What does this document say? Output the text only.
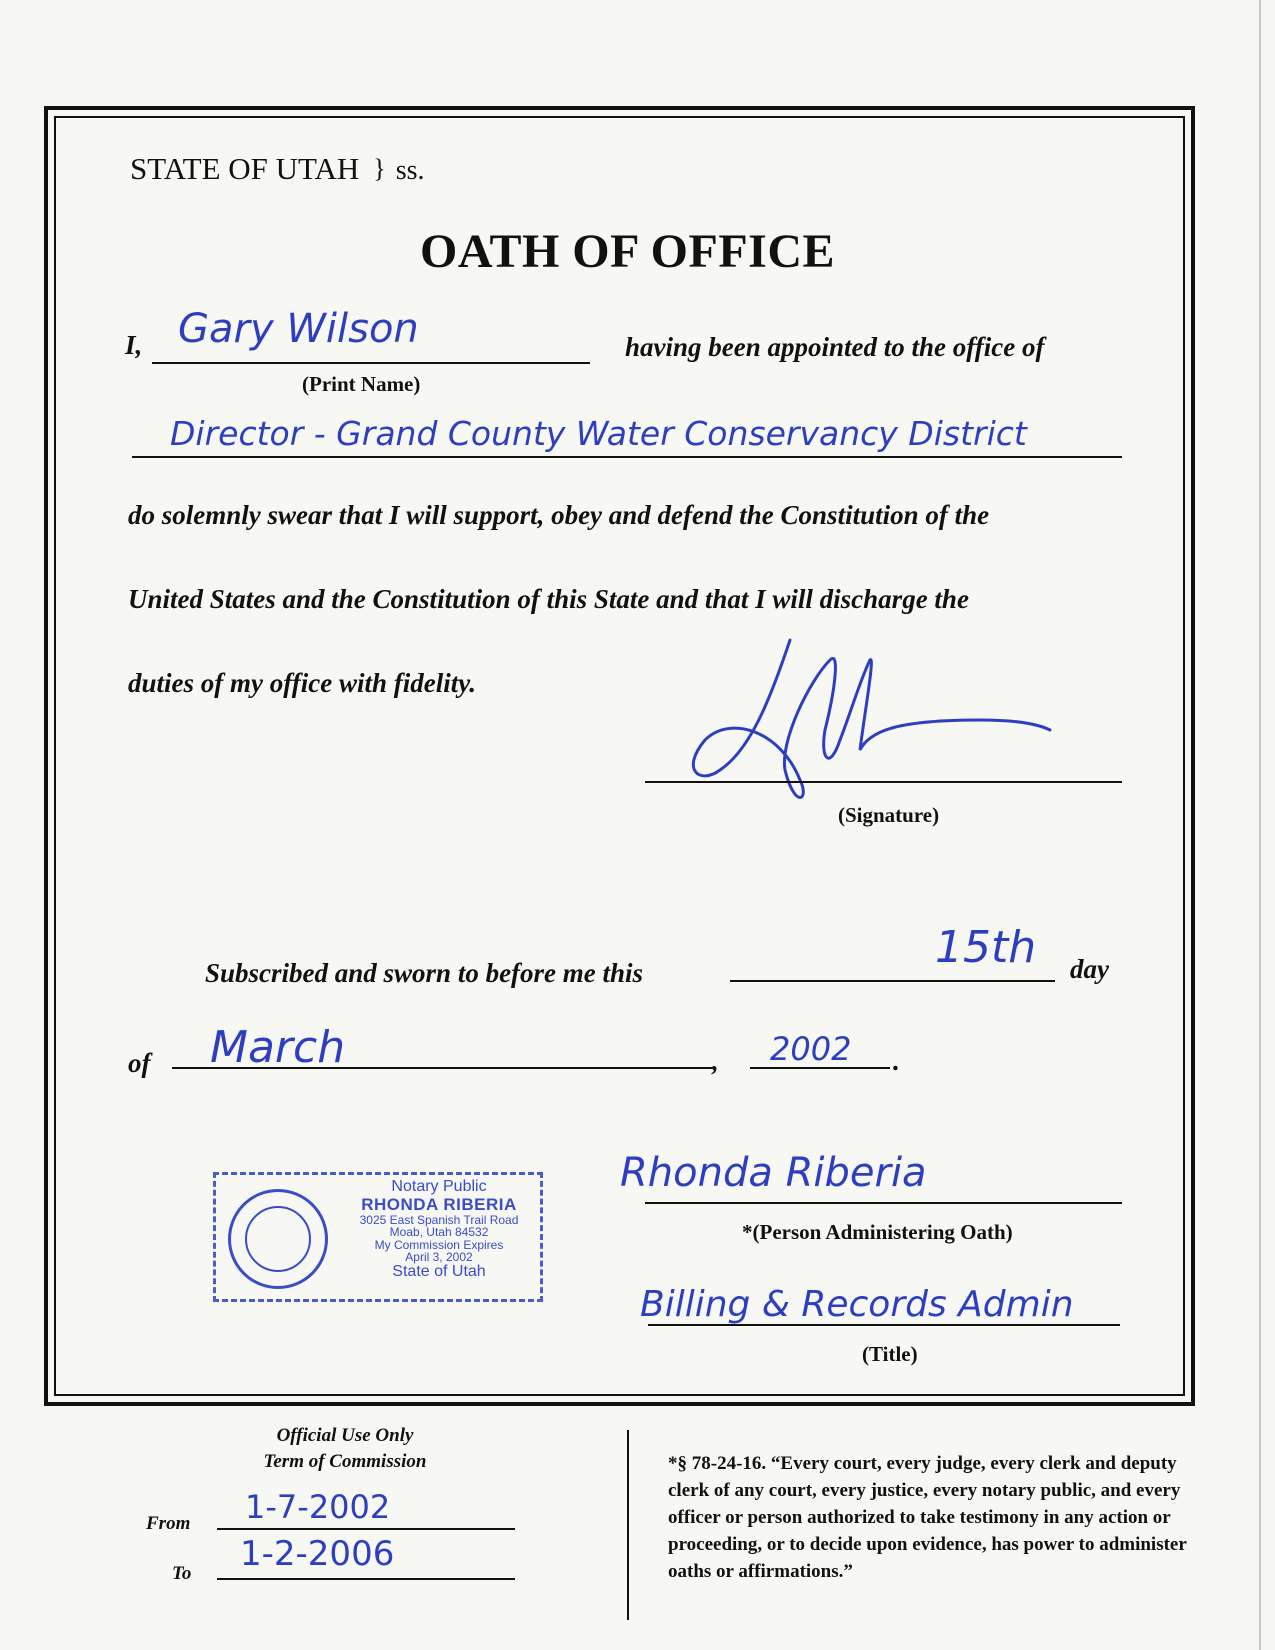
STATE OF UTAH } ss.
OATH OF OFFICE
I, Gary Wilson
(Print Name)
having been appointed to the office of
Director - Grand County Water Conservancy District
do solemnly swear that I will support, obey and defend the Constitution of the
United States and the Constitution of this State and that I will discharge the
duties of my office with fidelity.
(Signature)
Subscribed and sworn to before me this	15th day
of March	, 2002 .
Notary Public
RHONDA RIBERIA
3025 East Spanish Trail Road
Moab, Utah 84532
My Commission Expires
April 3, 2002
State of Utah
Rhonda Riberia
*(Person Administering Oath)
Billing & Records Admin
(Title)
Official Use Only
Term of Commission
From 1-7-2002
To 1-2-2006
*§ 78-24-16. “Every court, every judge, every clerk and deputy clerk of any court, every justice, every notary public, and every officer or person authorized to take testimony in any action or proceeding, or to decide upon evidence, has power to administer oaths or affirmations.”
